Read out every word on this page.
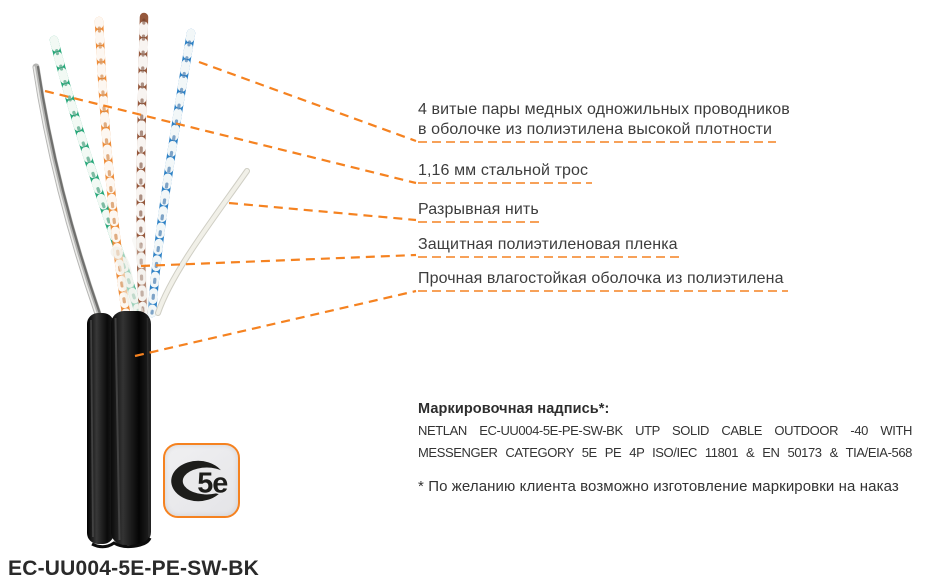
4 витые пары медных одножильных проводников
в оболочке из полиэтилена высокой плотности
1,16 мм стальной трос
Разрывная нить
Защитная полиэтиленовая пленка
Прочная влагостойкая оболочка из полиэтилена
5e
Маркировочная надпись*:
NETLAN EC-UU004-5E-PE-SW-BK UTP SOLID CABLE OUTDOOR -40 WITH
MESSENGER CATEGORY 5E PE 4P ISO/IEC 11801 & EN 50173 & TIA/EIA-568
* По желанию клиента возможно изготовление маркировки на наказ
EC-UU004-5E-PE-SW-BK
